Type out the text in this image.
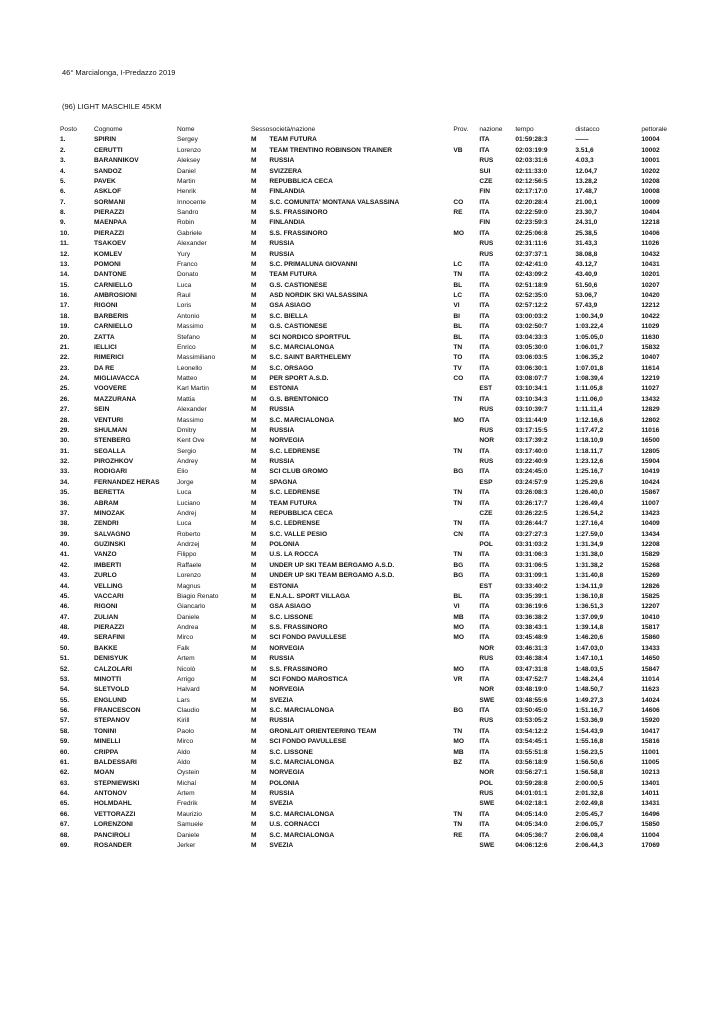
46° Marcialonga, I-Predazzo 2019
(96) LIGHT MASCHILE 45KM
Posto	Cognome	Nome	Sesso	società/nazione	Prov.	nazione	tempo	distacco	pettorale
1.	SPIRIN	Sergey	M	TEAM FUTURA		ITA	01:59:28:3	——	10004
2.	CERUTTI	Lorenzo	M	TEAM TRENTINO ROBINSON TRAINER	VB	ITA	02:03:19:9	3.51,6	10002
3.	BARANNIKOV	Aleksey	M	RUSSIA		RUS	02:03:31:6	4.03,3	10001
4.	SANDOZ	Daniel	M	SVIZZERA		SUI	02:11:33:0	12.04,7	10202
5.	PAVEK	Martin	M	REPUBBLICA CECA		CZE	02:12:56:5	13.28,2	10208
6.	ASKLOF	Henrik	M	FINLANDIA		FIN	02:17:17:0	17.48,7	10008
7.	SORMANI	Innocente	M	S.C. COMUNITA' MONTANA VALSASSINA	CO	ITA	02:20:28:4	21.00,1	10009
8.	PIERAZZI	Sandro	M	S.S. FRASSINORO	RE	ITA	02:22:59:0	23.30,7	10404
9.	MAENPAA	Robin	M	FINLANDIA		FIN	02:23:59:3	24.31,0	12218
10.	PIERAZZI	Gabriele	M	S.S. FRASSINORO	MO	ITA	02:25:06:8	25.38,5	10406
11.	TSAKOEV	Alexander	M	RUSSIA		RUS	02:31:11:6	31.43,3	11026
12.	KOMLEV	Yury	M	RUSSIA		RUS	02:37:37:1	38.08,8	10432
13.	POMONI	Franco	M	S.C. PRIMALUNA GIOVANNI	LC	ITA	02:42:41:0	43.12,7	10431
14.	DANTONE	Donato	M	TEAM FUTURA	TN	ITA	02:43:09:2	43.40,9	10201
15.	CARNIELLO	Luca	M	G.S. CASTIONESE	BL	ITA	02:51:18:9	51.50,6	10207
16.	AMBROSIONI	Raul	M	ASD NORDIK SKI VALSASSINA	LC	ITA	02:52:35:0	53.06,7	10420
17.	RIGONI	Loris	M	GSA ASIAGO	VI	ITA	02:57:12:2	57.43,9	12212
18.	BARBERIS	Antonio	M	S.C. BIELLA	BI	ITA	03:00:03:2	1:00.34,9	10422
19.	CARNIELLO	Massimo	M	G.S. CASTIONESE	BL	ITA	03:02:50:7	1:03.22,4	11029
20.	ZATTA	Stefano	M	SCI NORDICO SPORTFUL	BL	ITA	03:04:33:3	1:05.05,0	11630
21.	IELLICI	Enrico	M	S.C. MARCIALONGA	TN	ITA	03:05:30:0	1:06.01,7	15832
22.	RIMERICI	Massimiliano	M	S.C. SAINT BARTHELEMY	TO	ITA	03:06:03:5	1:06.35,2	10407
23.	DA RE	Leonello	M	S.C. ORSAGO	TV	ITA	03:06:30:1	1:07.01,8	11614
24.	MIGLIAVACCA	Matteo	M	PER SPORT A.S.D.	CO	ITA	03:08:07:7	1:08.39,4	12219
25.	VOOVERE	Karl Martin	M	ESTONIA		EST	03:10:34:1	1:11.05,8	11027
26.	MAZZURANA	Mattia	M	G.S. BRENTONICO	TN	ITA	03:10:34:3	1:11.06,0	13432
27.	SEIN	Alexander	M	RUSSIA		RUS	03:10:39:7	1:11.11,4	12829
28.	VENTURI	Massimo	M	S.C. MARCIALONGA	MO	ITA	03:11:44:9	1:12.16,6	12802
29.	SHULMAN	Dmitry	M	RUSSIA		RUS	03:17:15:5	1:17.47,2	11016
30.	STENBERG	Kent Ove	M	NORVEGIA		NOR	03:17:39:2	1:18.10,9	16500
31.	SEGALLA	Sergio	M	S.C. LEDRENSE	TN	ITA	03:17:40:0	1:18.11,7	12805
32.	PIROZHKOV	Andrey	M	RUSSIA		RUS	03:22:40:9	1:23.12,6	15904
33.	RODIGARI	Elio	M	SCI CLUB GROMO	BG	ITA	03:24:45:0	1:25.16,7	10419
34.	FERNANDEZ HERAS	Jorge	M	SPAGNA		ESP	03:24:57:9	1:25.29,6	10424
35.	BERETTA	Luca	M	S.C. LEDRENSE	TN	ITA	03:26:08:3	1:26.40,0	15867
36.	ABRAM	Luciano	M	TEAM FUTURA	TN	ITA	03:26:17:7	1:26.49,4	11007
37.	MINOZAK	Andrej	M	REPUBBLICA CECA		CZE	03:26:22:5	1:26.54,2	13423
38.	ZENDRI	Luca	M	S.C. LEDRENSE	TN	ITA	03:26:44:7	1:27.16,4	10409
39.	SALVAGNO	Roberto	M	S.C. VALLE PESIO	CN	ITA	03:27:27:3	1:27.59,0	13434
40.	GUZINSKI	Andrzej	M	POLONIA		POL	03:31:03:2	1:31.34,9	12208
41.	VANZO	Filippo	M	U.S. LA ROCCA	TN	ITA	03:31:06:3	1:31.38,0	15829
42.	IMBERTI	Raffaele	M	UNDER UP SKI TEAM BERGAMO A.S.D.	BG	ITA	03:31:06:5	1:31.38,2	15268
43.	ZURLO	Lorenzo	M	UNDER UP SKI TEAM BERGAMO A.S.D.	BG	ITA	03:31:09:1	1:31.40,8	15269
44.	VELLING	Magnus	M	ESTONIA		EST	03:33:40:2	1:34.11,9	12826
45.	VACCARI	Biagio Renato	M	E.N.A.L. SPORT VILLAGA	BL	ITA	03:35:39:1	1:36.10,8	15825
46.	RIGONI	Giancarlo	M	GSA ASIAGO	VI	ITA	03:36:19:6	1:36.51,3	12207
47.	ZULIAN	Daniele	M	S.C. LISSONE	MB	ITA	03:36:38:2	1:37.09,9	10410
48.	PIERAZZI	Andrea	M	S.S. FRASSINORO	MO	ITA	03:38:43:1	1:39.14,8	15817
49.	SERAFINI	Mirco	M	SCI FONDO PAVULLESE	MO	ITA	03:45:48:9	1:46.20,6	15860
50.	BAKKE	Falk	M	NORVEGIA		NOR	03:46:31:3	1:47.03,0	13433
51.	DENISYUK	Artem	M	RUSSIA		RUS	03:46:38:4	1:47.10,1	14650
52.	CALZOLARI	Nicolò	M	S.S. FRASSINORO	MO	ITA	03:47:31:8	1:48.03,5	15847
53.	MINOTTI	Arrigo	M	SCI FONDO MAROSTICA	VR	ITA	03:47:52:7	1:48.24,4	11014
54.	SLETVOLD	Halvard	M	NORVEGIA		NOR	03:48:19:0	1:48.50,7	11623
55.	ENGLUND	Lars	M	SVEZIA		SWE	03:48:55:6	1:49.27,3	14024
56.	FRANCESCON	Claudio	M	S.C. MARCIALONGA	BG	ITA	03:50:45:0	1:51.16,7	14606
57.	STEPANOV	Kirill	M	RUSSIA		RUS	03:53:05:2	1:53.36,9	15920
58.	TONINI	Paolo	M	GRONLAIT ORIENTEERING TEAM	TN	ITA	03:54:12:2	1:54.43,9	10417
59.	MINELLI	Mirco	M	SCI FONDO PAVULLESE	MO	ITA	03:54:45:1	1:55.16,8	15816
60.	CRIPPA	Aldo	M	S.C. LISSONE	MB	ITA	03:55:51:8	1:56.23,5	11001
61.	BALDESSARI	Aldo	M	S.C. MARCIALONGA	BZ	ITA	03:56:18:9	1:56.50,6	11005
62.	MOAN	Oystein	M	NORVEGIA		NOR	03:56:27:1	1:56.58,8	10213
63.	STEPNIEWSKI	Michal	M	POLONIA		POL	03:59:28:8	2:00.00,5	13401
64.	ANTONOV	Artem	M	RUSSIA		RUS	04:01:01:1	2:01.32,8	14011
65.	HOLMDAHL	Fredrik	M	SVEZIA		SWE	04:02:18:1	2:02.49,8	13431
66.	VETTORAZZI	Maurizio	M	S.C. MARCIALONGA	TN	ITA	04:05:14:0	2:05.45,7	16496
67.	LORENZONI	Samuele	M	U.S. CORNACCI	TN	ITA	04:05:34:0	2:06.05,7	15850
68.	PANCIROLI	Daniele	M	S.C. MARCIALONGA	RE	ITA	04:05:36:7	2:06.08,4	11004
69.	ROSANDER	Jerker	M	SVEZIA		SWE	04:06:12:6	2:06.44,3	17069
